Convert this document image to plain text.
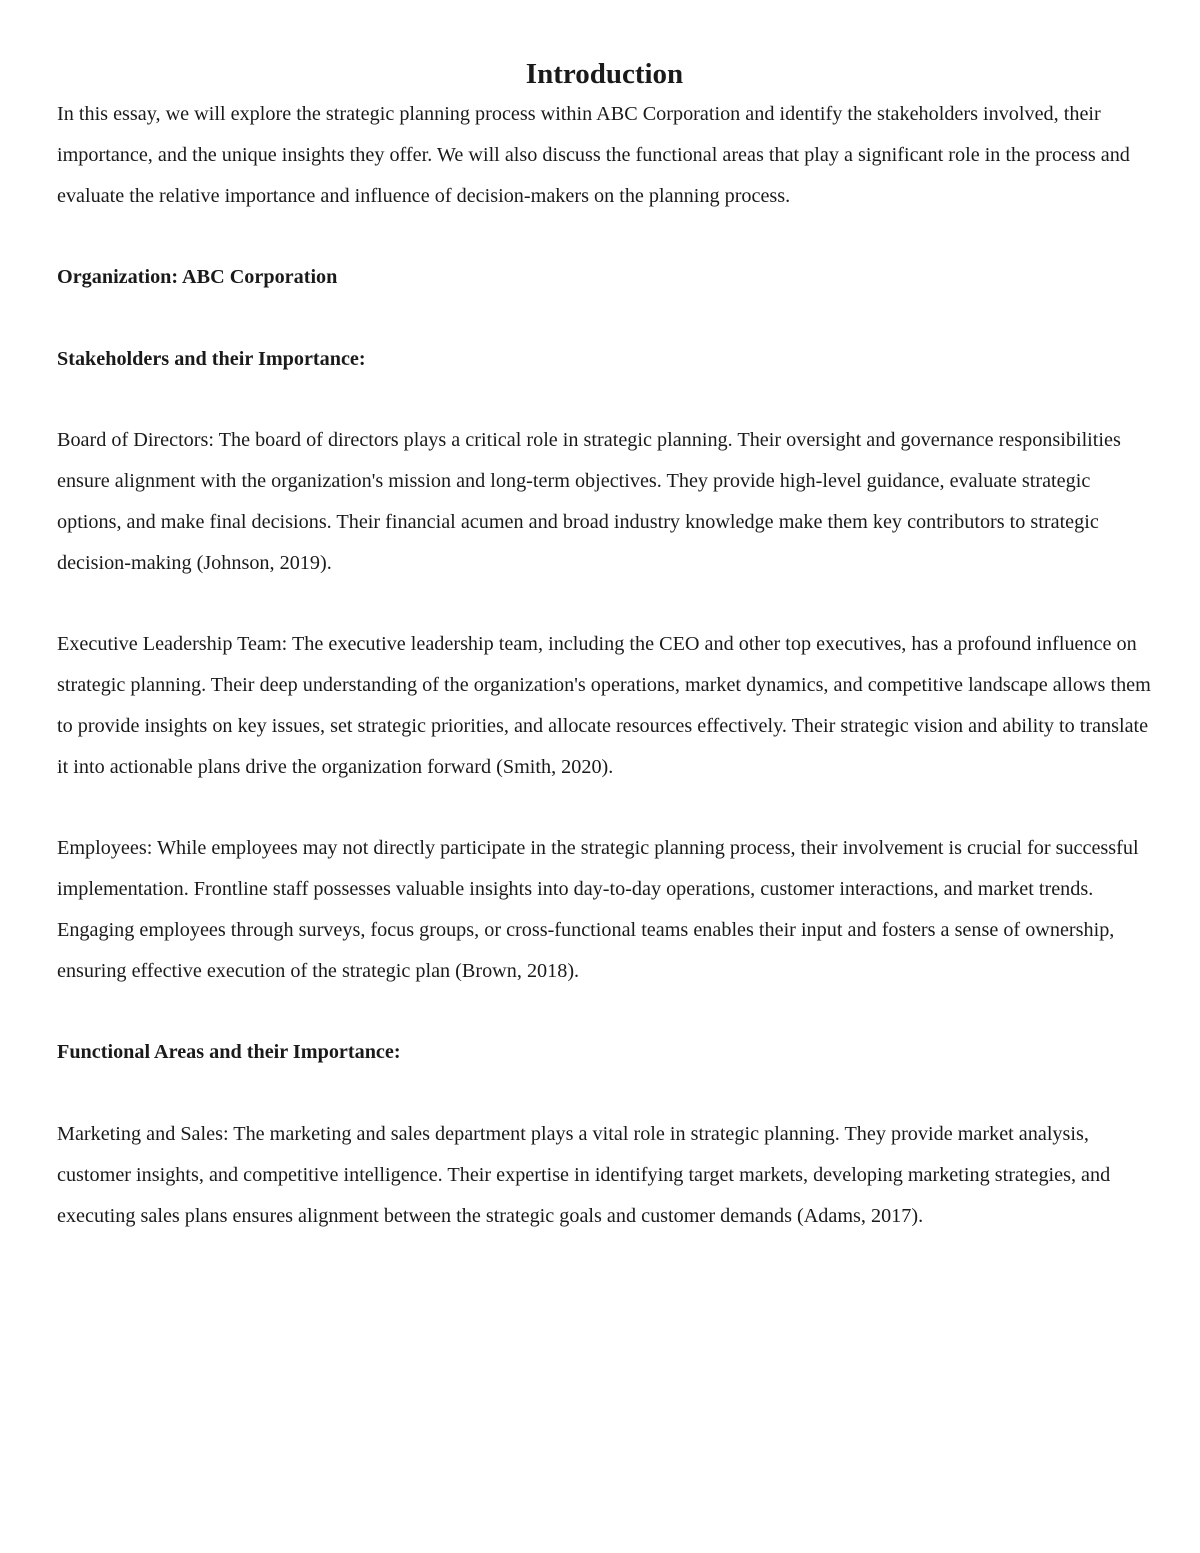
Introduction

In this essay, we will explore the strategic planning process within ABC Corporation and identify the stakeholders involved, their importance, and the unique insights they offer. We will also discuss the functional areas that play a significant role in the process and evaluate the relative importance and influence of decision-makers on the planning process.

Organization: ABC Corporation

Stakeholders and their Importance:

Board of Directors: The board of directors plays a critical role in strategic planning. Their oversight and governance responsibilities ensure alignment with the organization's mission and long-term objectives. They provide high-level guidance, evaluate strategic options, and make final decisions. Their financial acumen and broad industry knowledge make them key contributors to strategic decision-making (Johnson, 2019).

Executive Leadership Team: The executive leadership team, including the CEO and other top executives, has a profound influence on strategic planning. Their deep understanding of the organization's operations, market dynamics, and competitive landscape allows them to provide insights on key issues, set strategic priorities, and allocate resources effectively. Their strategic vision and ability to translate it into actionable plans drive the organization forward (Smith, 2020).

Employees: While employees may not directly participate in the strategic planning process, their involvement is crucial for successful implementation. Frontline staff possesses valuable insights into day-to-day operations, customer interactions, and market trends. Engaging employees through surveys, focus groups, or cross-functional teams enables their input and fosters a sense of ownership, ensuring effective execution of the strategic plan (Brown, 2018).

Functional Areas and their Importance:

Marketing and Sales: The marketing and sales department plays a vital role in strategic planning. They provide market analysis, customer insights, and competitive intelligence. Their expertise in identifying target markets, developing marketing strategies, and executing sales plans ensures alignment between the strategic goals and customer demands (Adams, 2017).
